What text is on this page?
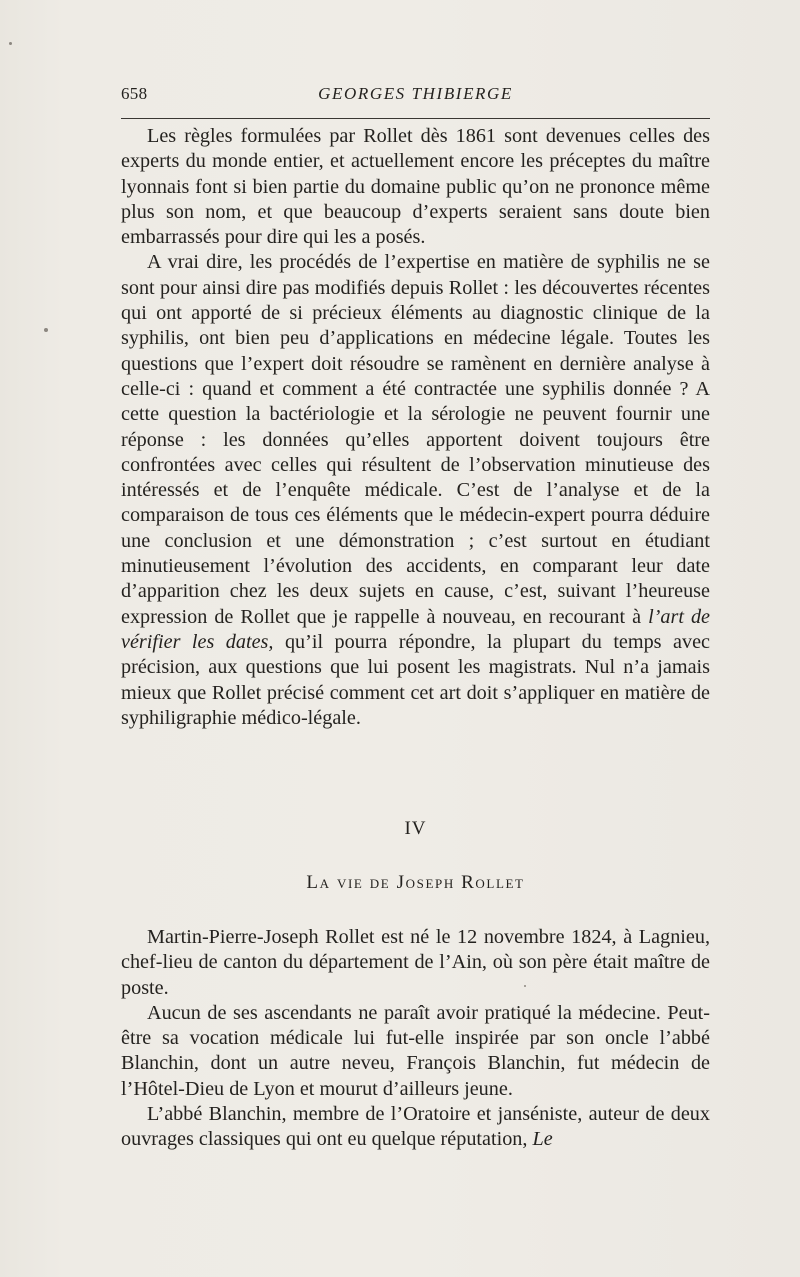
658	GEORGES THIBIERGE

Les règles formulées par Rollet dès 1861 sont devenues celles des experts du monde entier, et actuellement encore les préceptes du maître lyonnais font si bien partie du domaine public qu’on ne prononce même plus son nom, et que beaucoup d’experts seraient sans doute bien embarrassés pour dire qui les a posés.

A vrai dire, les procédés de l’expertise en matière de syphilis ne se sont pour ainsi dire pas modifiés depuis Rollet : les découvertes récentes qui ont apporté de si précieux éléments au diagnostic clinique de la syphilis, ont bien peu d’applications en médecine légale. Toutes les questions que l’expert doit résoudre se ramènent en dernière analyse à celle-ci : quand et comment a été contractée une syphilis donnée ? A cette question la bactériologie et la sérologie ne peuvent fournir une réponse : les données qu’elles apportent doivent toujours être confrontées avec celles qui résultent de l’observation minutieuse des intéressés et de l’enquête médicale. C’est de l’analyse et de la comparaison de tous ces éléments que le médecin-expert pourra déduire une conclusion et une démonstration ; c’est surtout en étudiant minutieusement l’évolution des accidents, en comparant leur date d’apparition chez les deux sujets en cause, c’est, suivant l’heureuse expression de Rollet que je rappelle à nouveau, en recourant à l’art de vérifier les dates, qu’il pourra répondre, la plupart du temps avec précision, aux questions que lui posent les magistrats. Nul n’a jamais mieux que Rollet précisé comment cet art doit s’appliquer en matière de syphiligraphie médico-légale.

IV
La vie de Joseph Rollet

Martin-Pierre-Joseph Rollet est né le 12 novembre 1824, à Lagnieu, chef-lieu de canton du département de l’Ain, où son père était maître de poste.

Aucun de ses ascendants ne paraît avoir pratiqué la médecine. Peut-être sa vocation médicale lui fut-elle inspirée par son oncle l’abbé Blanchin, dont un autre neveu, François Blanchin, fut médecin de l’Hôtel-Dieu de Lyon et mourut d’ailleurs jeune.

L’abbé Blanchin, membre de l’Oratoire et janséniste, auteur de deux ouvrages classiques qui ont eu quelque réputation, Le
